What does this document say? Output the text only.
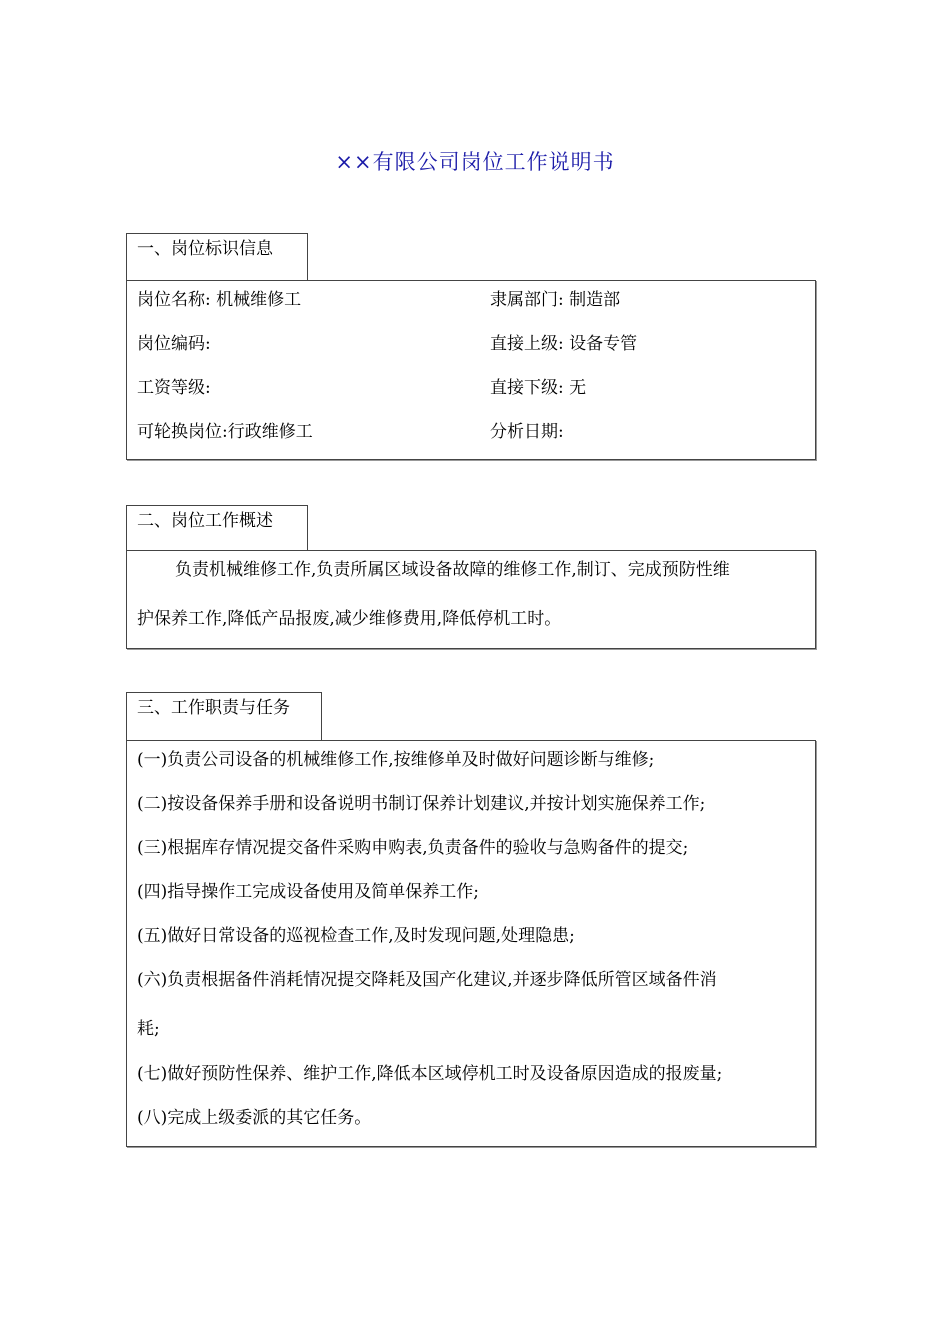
××有限公司岗位工作说明书
一、岗位标识信息
岗位名称: 机械维修工	隶属部门: 制造部
岗位编码:	直接上级: 设备专管
工资等级:	直接下级: 无
可轮换岗位:行政维修工	分析日期:
二、岗位工作概述
负责机械维修工作,负责所属区域设备故障的维修工作,制订、完成预防性维
护保养工作,降低产品报废,减少维修费用,降低停机工时。
三、工作职责与任务
(一)负责公司设备的机械维修工作,按维修单及时做好问题诊断与维修;
(二)按设备保养手册和设备说明书制订保养计划建议,并按计划实施保养工作;
(三)根据库存情况提交备件采购申购表,负责备件的验收与急购备件的提交;
(四)指导操作工完成设备使用及简单保养工作;
(五)做好日常设备的巡视检查工作,及时发现问题,处理隐患;
(六)负责根据备件消耗情况提交降耗及国产化建议,并逐步降低所管区域备件消
耗;
(七)做好预防性保养、维护工作,降低本区域停机工时及设备原因造成的报废量;
(八)完成上级委派的其它任务。
